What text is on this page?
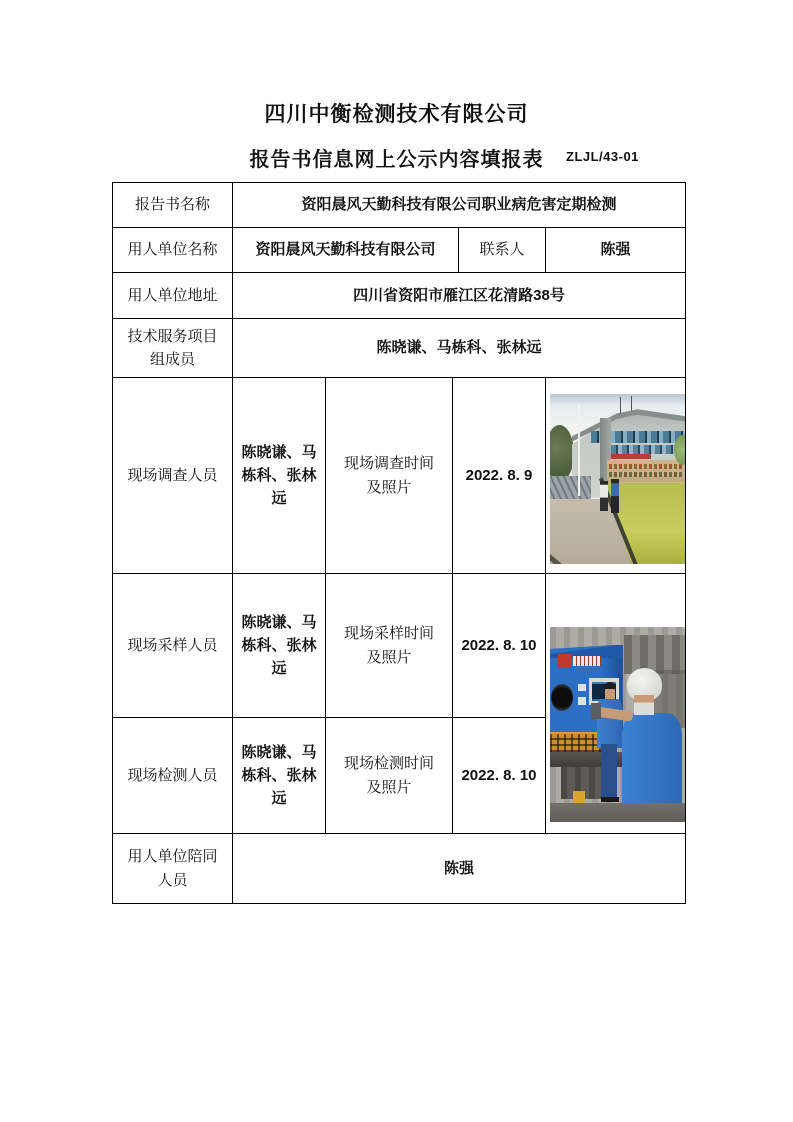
四川中衡检测技术有限公司
报告书信息网上公示内容填报表	ZLJL/43-01
报告书名称	资阳晨风天勤科技有限公司职业病危害定期检测				
用人单位名称	资阳晨风天勤科技有限公司			联系人	陈强
用人单位地址	四川省资阳市雁江区花清路38号				
技术服务项目组成员	陈晓谦、马栋科、张林远				
现场调查人员	陈晓谦、马栋科、张林远	现场调查时间及照片	2022. 8. 9		

现场采样人员	陈晓谦、马栋科、张林远	现场采样时间及照片	2022. 8. 10		

现场检测人员	陈晓谦、马栋科、张林远	现场检测时间及照片	2022. 8. 10		
用人单位陪同人员	陈强				
